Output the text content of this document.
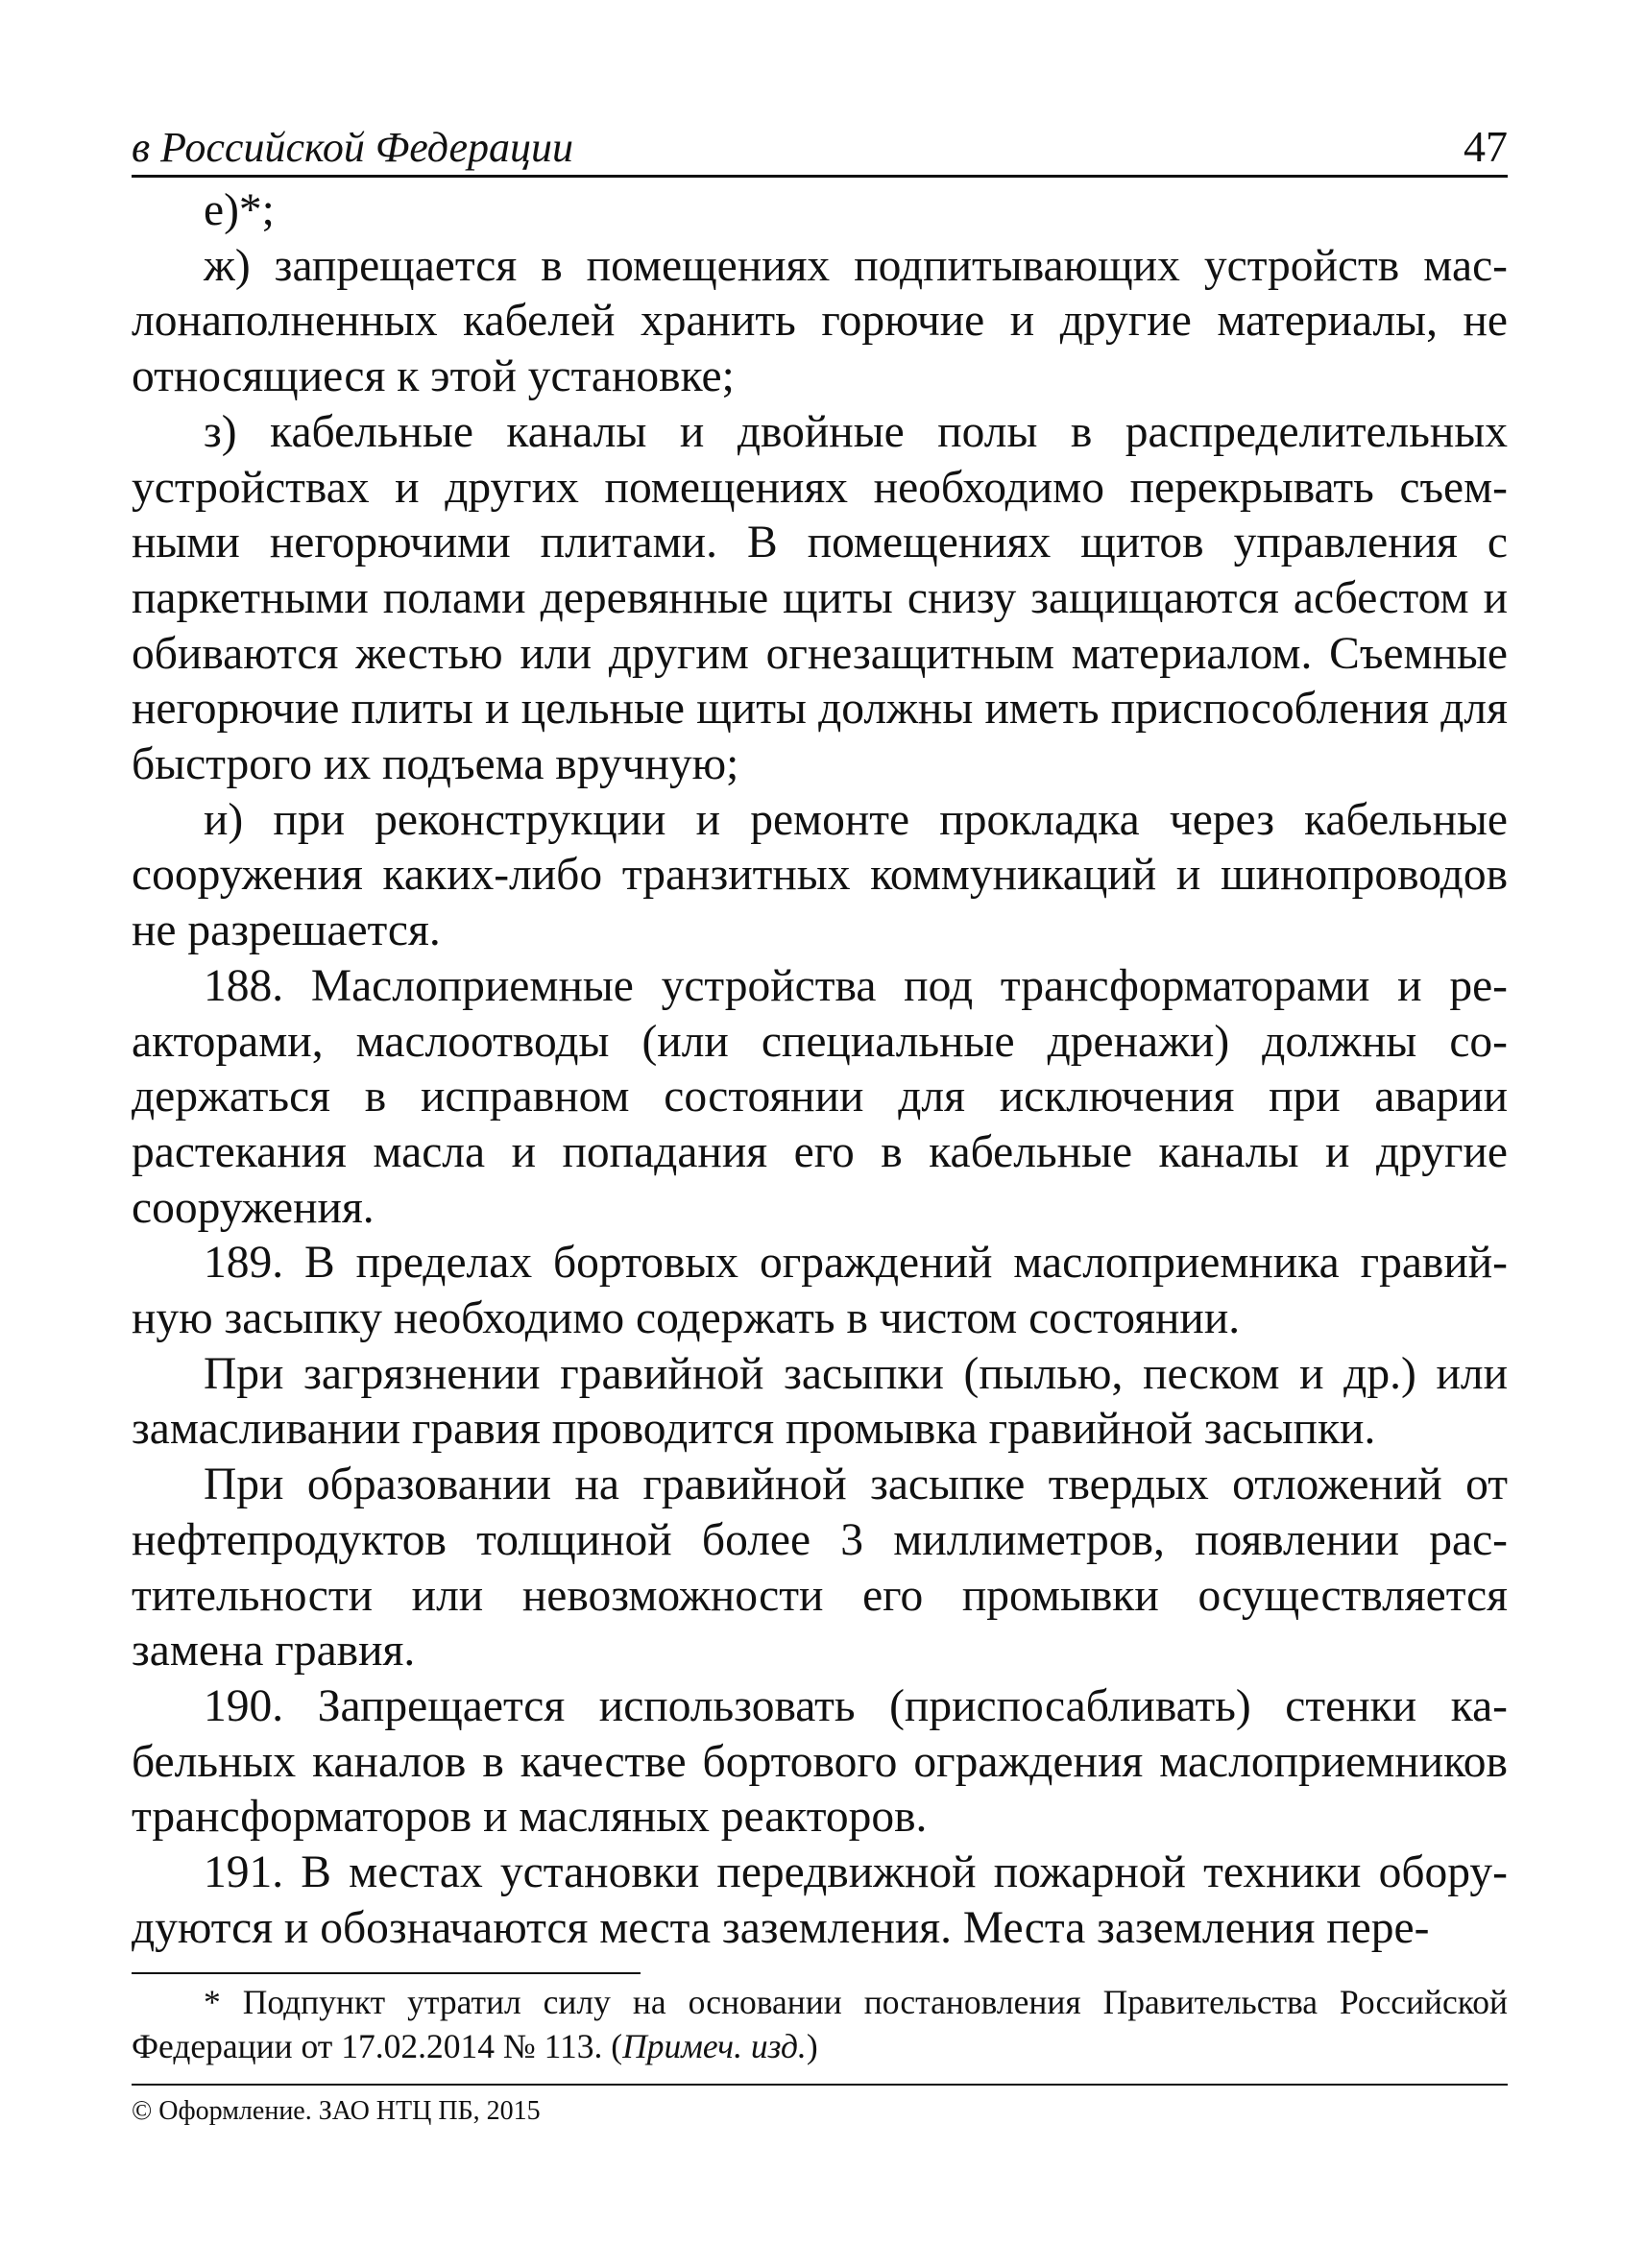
в Российской Федерации	47

е)*;

ж) запрещается в помещениях подпитывающих устройств маслонаполненных кабелей хранить горючие и другие материалы, не относящиеся к этой установке;

з) кабельные каналы и двойные полы в распределительных устройствах и других помещениях необходимо перекрывать съемными негорючими плитами. В помещениях щитов управления с паркетными полами деревянные щиты снизу защищаются асбестом и обиваются жестью или другим огнезащитным материалом. Съемные негорючие плиты и цельные щиты должны иметь приспособления для быстрого их подъема вручную;

и) при реконструкции и ремонте прокладка через кабельные сооружения каких-либо транзитных коммуникаций и шинопроводов не разрешается.

188. Маслоприемные устройства под трансформаторами и реакторами, маслоотводы (или специальные дренажи) должны содержаться в исправном состоянии для исключения при аварии растекания масла и попадания его в кабельные каналы и другие сооружения.

189. В пределах бортовых ограждений маслоприемника гравийную засыпку необходимо содержать в чистом состоянии.

При загрязнении гравийной засыпки (пылью, песком и др.) или замасливании гравия проводится промывка гравийной засыпки.

При образовании на гравийной засыпке твердых отложений от нефтепродуктов толщиной более 3 миллиметров, появлении растительности или невозможности его промывки осуществляется замена гравия.

190. Запрещается использовать (приспосабливать) стенки кабельных каналов в качестве бортового ограждения маслоприемников трансформаторов и масляных реакторов.

191. В местах установки передвижной пожарной техники оборудуются и обозначаются места заземления. Места заземления пере-

* Подпункт утратил силу на основании постановления Правительства Российской Федерации от 17.02.2014 № 113. (Примеч. изд.)
© Оформление. ЗАО НТЦ ПБ, 2015
